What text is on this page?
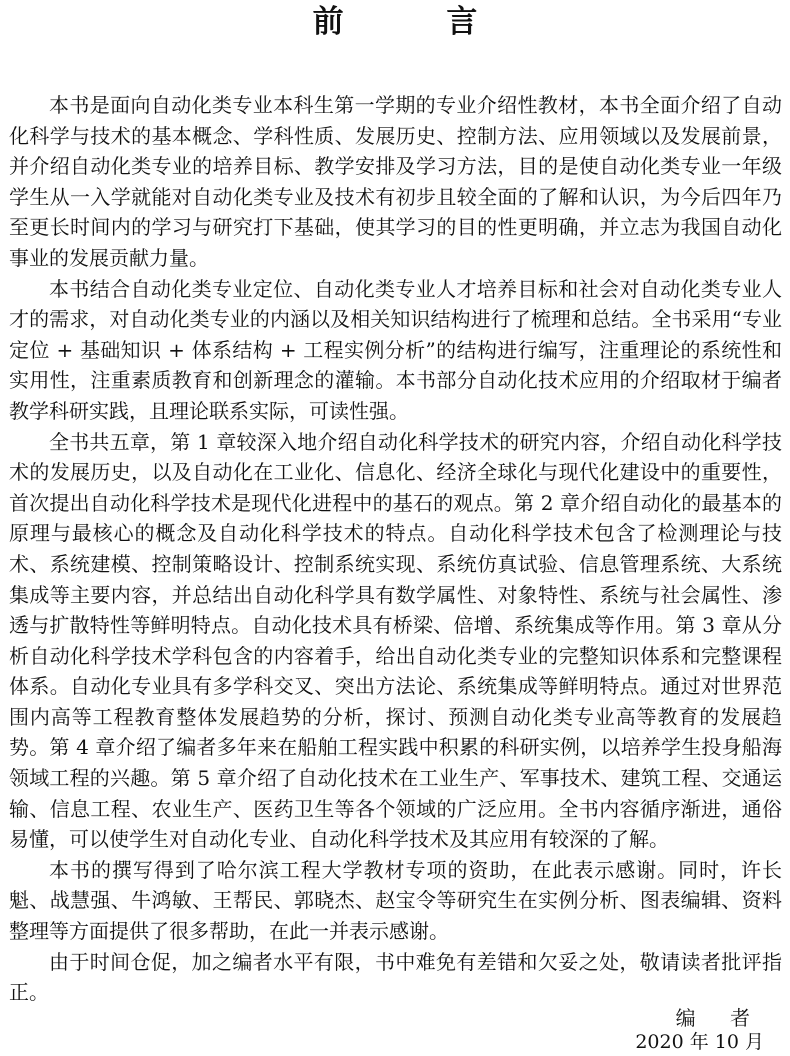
前 言

本书是面向自动化类专业本科生第一学期的专业介绍性教材，本书全面介绍了自动化科学与技术的基本概念、学科性质、发展历史、控制方法、应用领域以及发展前景，并介绍自动化类专业的培养目标、教学安排及学习方法，目的是使自动化类专业一年级学生从一入学就能对自动化类专业及技术有初步且较全面的了解和认识，为今后四年乃至更长时间内的学习与研究打下基础，使其学习的目的性更明确，并立志为我国自动化事业的发展贡献力量。

本书结合自动化类专业定位、自动化类专业人才培养目标和社会对自动化类专业人才的需求，对自动化类专业的内涵以及相关知识结构进行了梳理和总结。全书采用“专业定位 + 基础知识 + 体系结构 + 工程实例分析”的结构进行编写，注重理论的系统性和实用性，注重素质教育和创新理念的灌输。本书部分自动化技术应用的介绍取材于编者教学科研实践，且理论联系实际，可读性强。

全书共五章，第 1 章较深入地介绍自动化科学技术的研究内容，介绍自动化科学技术的发展历史，以及自动化在工业化、信息化、经济全球化与现代化建设中的重要性，首次提出自动化科学技术是现代化进程中的基石的观点。第 2 章介绍自动化的最基本的原理与最核心的概念及自动化科学技术的特点。自动化科学技术包含了检测理论与技术、系统建模、控制策略设计、控制系统实现、系统仿真试验、信息管理系统、大系统集成等主要内容，并总结出自动化科学具有数学属性、对象特性、系统与社会属性、渗透与扩散特性等鲜明特点。自动化技术具有桥梁、倍增、系统集成等作用。第 3 章从分析自动化科学技术学科包含的内容着手，给出自动化类专业的完整知识体系和完整课程体系。自动化专业具有多学科交叉、突出方法论、系统集成等鲜明特点。通过对世界范围内高等工程教育整体发展趋势的分析，探讨、预测自动化类专业高等教育的发展趋势。第 4 章介绍了编者多年来在船舶工程实践中积累的科研实例，以培养学生投身船海领域工程的兴趣。第 5 章介绍了自动化技术在工业生产、军事技术、建筑工程、交通运输、信息工程、农业生产、医药卫生等各个领域的广泛应用。全书内容循序渐进，通俗易懂，可以使学生对自动化专业、自动化科学技术及其应用有较深的了解。

本书的撰写得到了哈尔滨工程大学教材专项的资助，在此表示感谢。同时，许长魁、战慧强、牛鸿敏、王帮民、郭晓杰、赵宝令等研究生在实例分析、图表编辑、资料整理等方面提供了很多帮助，在此一并表示感谢。

由于时间仓促，加之编者水平有限，书中难免有差错和欠妥之处，敬请读者批评指正。

编 者
2020 年 10 月
